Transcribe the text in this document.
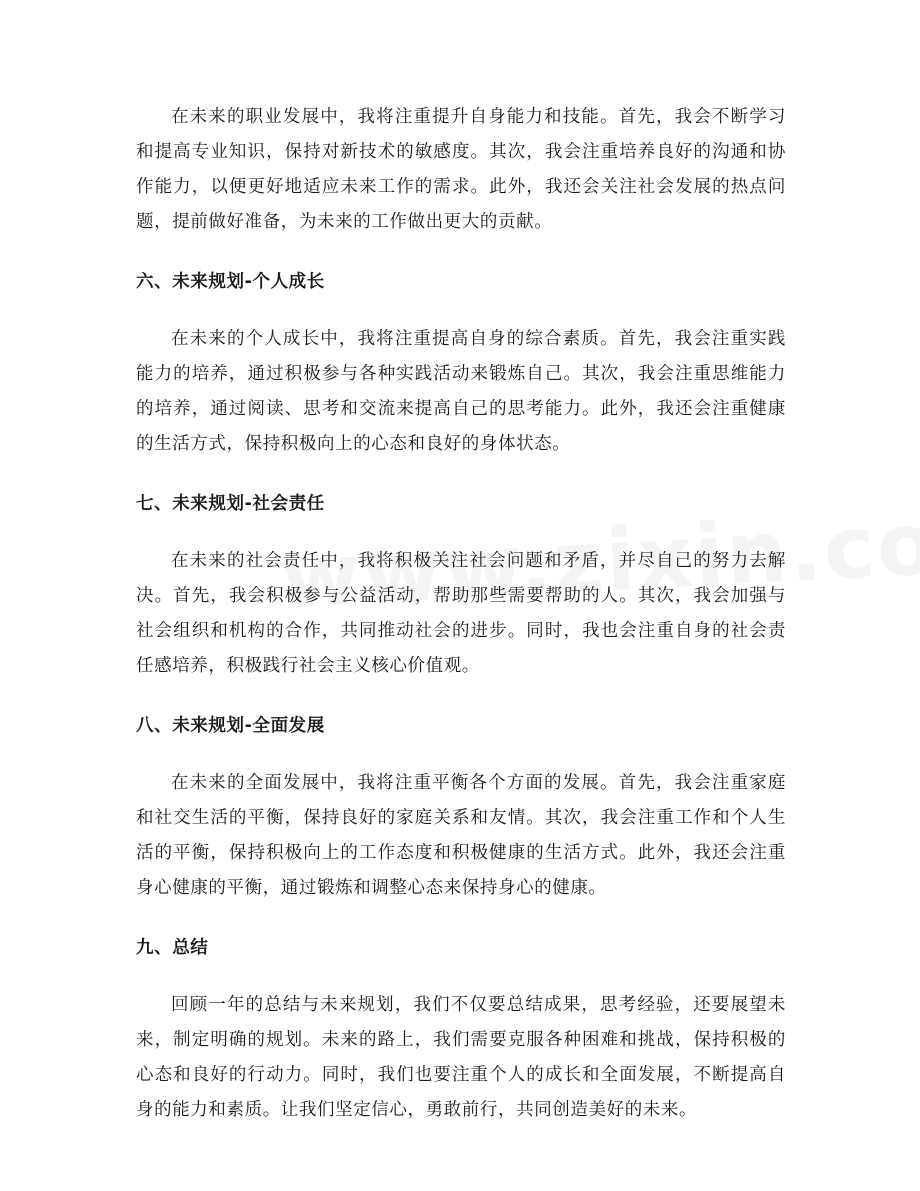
在未来的职业发展中，我将注重提升自身能力和技能。首先，我会不断学习和提高专业知识，保持对新技术的敏感度。其次，我会注重培养良好的沟通和协作能力，以便更好地适应未来工作的需求。此外，我还会关注社会发展的热点问题，提前做好准备，为未来的工作做出更大的贡献。

六、未来规划-个人成长

在未来的个人成长中，我将注重提高自身的综合素质。首先，我会注重实践能力的培养，通过积极参与各种实践活动来锻炼自己。其次，我会注重思维能力的培养，通过阅读、思考和交流来提高自己的思考能力。此外，我还会注重健康的生活方式，保持积极向上的心态和良好的身体状态。

七、未来规划-社会责任

在未来的社会责任中，我将积极关注社会问题和矛盾，并尽自己的努力去解决。首先，我会积极参与公益活动，帮助那些需要帮助的人。其次，我会加强与社会组织和机构的合作，共同推动社会的进步。同时，我也会注重自身的社会责任感培养，积极践行社会主义核心价值观。

八、未来规划-全面发展

在未来的全面发展中，我将注重平衡各个方面的发展。首先，我会注重家庭和社交生活的平衡，保持良好的家庭关系和友情。其次，我会注重工作和个人生活的平衡，保持积极向上的工作态度和积极健康的生活方式。此外，我还会注重身心健康的平衡，通过锻炼和调整心态来保持身心的健康。

九、总结

回顾一年的总结与未来规划，我们不仅要总结成果，思考经验，还要展望未来，制定明确的规划。未来的路上，我们需要克服各种困难和挑战，保持积极的心态和良好的行动力。同时，我们也要注重个人的成长和全面发展，不断提高自身的能力和素质。让我们坚定信心，勇敢前行，共同创造美好的未来。
